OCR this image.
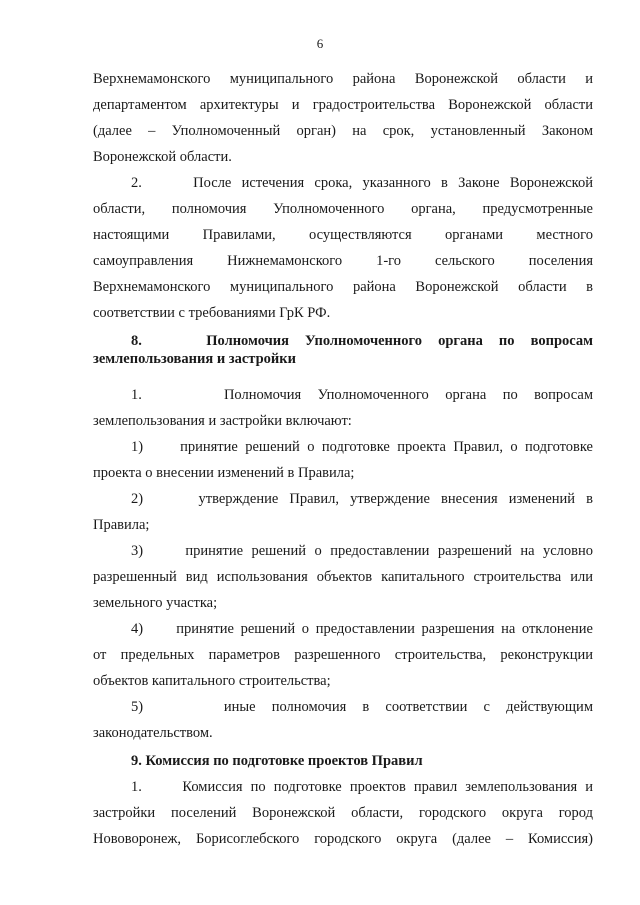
6

Верхнемамонского муниципального района Воронежской области и

департаментом архитектуры и градостроительства Воронежской области

(далее – Уполномоченный орган) на срок, установленный Законом

Воронежской области.

2.     После истечения срока, указанного в Законе Воронежской

области, полномочия Уполномоченного органа, предусмотренные

настоящими Правилами, осуществляются органами местного

самоуправления Нижнемамонского 1-го сельского поселения

Верхнемамонского муниципального района Воронежской области в

соответствии с требованиями ГрК РФ.

8.    Полномочия Уполномоченного органа по вопросам

землепользования и застройки

1.     Полномочия Уполномоченного органа по вопросам

землепользования и застройки включают:

1)     принятие решений о подготовке проекта Правил, о подготовке

проекта о внесении изменений в Правила;

2)     утверждение Правил, утверждение внесения изменений в

Правила;

3)     принятие решений о предоставлении разрешений на условно

разрешенный вид использования объектов капитального строительства или

земельного участка;

4)     принятие решений о предоставлении разрешения на отклонение

от предельных параметров разрешенного строительства, реконструкции

объектов капитального строительства;

5)     иные полномочия в соответствии с действующим

законодательством.

9. Комиссия по подготовке проектов Правил

1.     Комиссия по подготовке проектов правил землепользования и

застройки поселений Воронежской области, городского округа город

Нововоронеж, Борисоглебского городского округа (далее – Комиссия)
